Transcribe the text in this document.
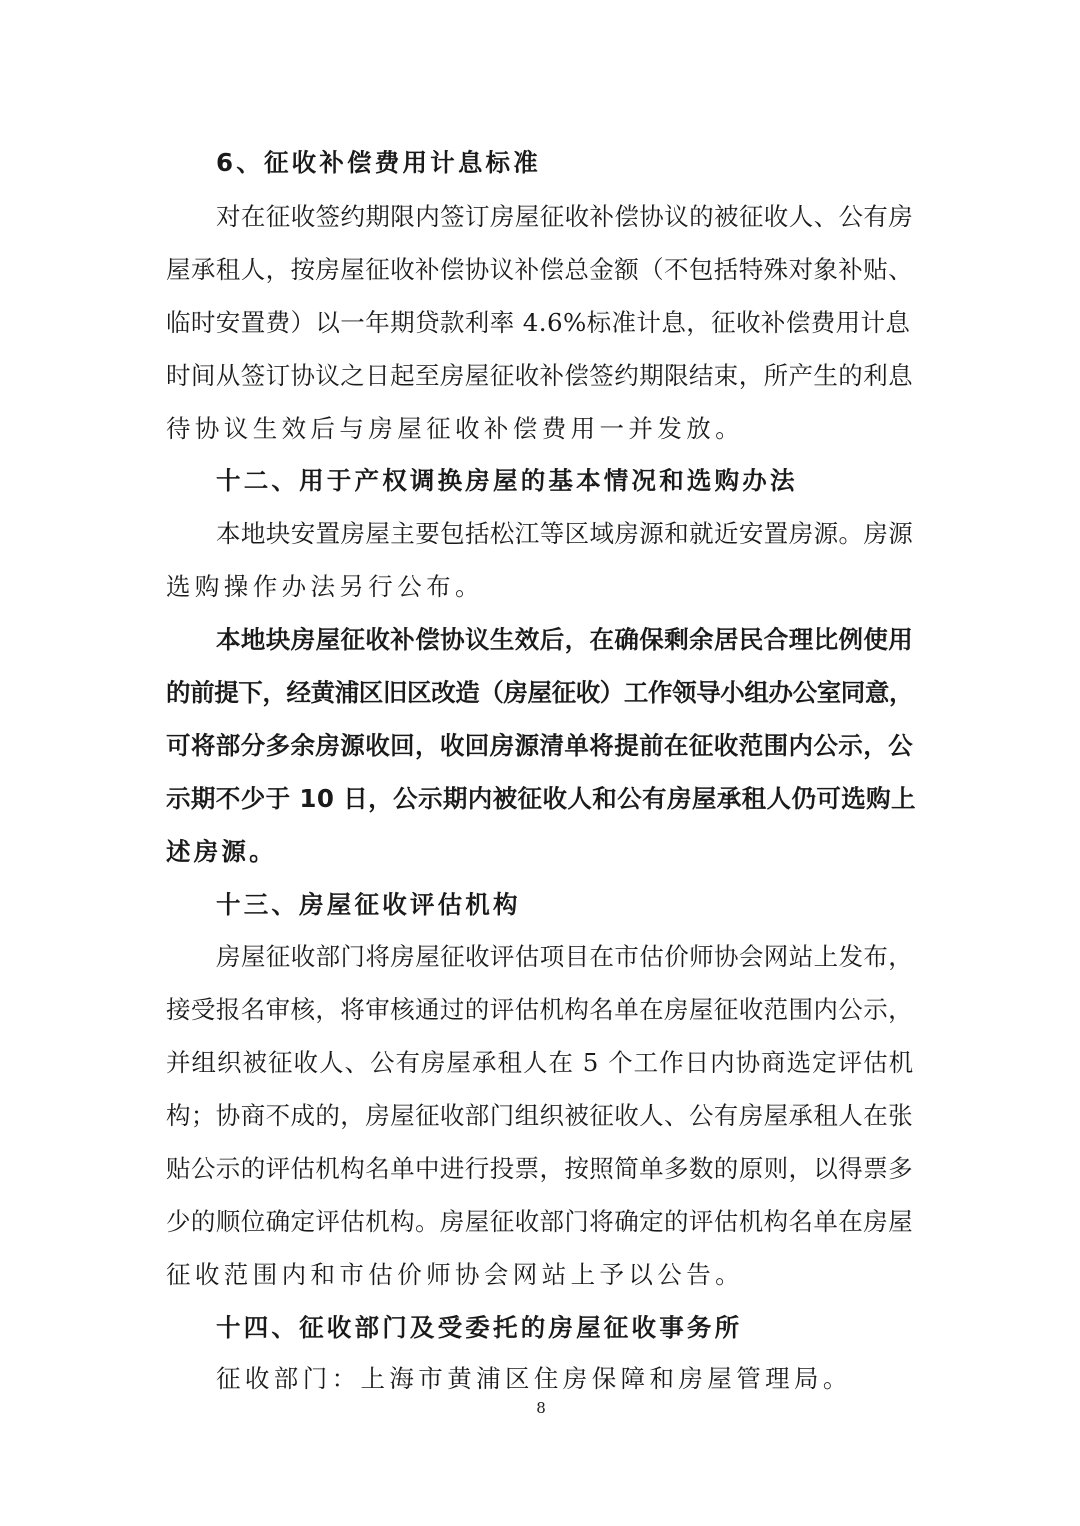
6、征收补偿费用计息标准
对在征收签约期限内签订房屋征收补偿协议的被征收人、公有房
屋承租人，按房屋征收补偿协议补偿总金额（不包括特殊对象补贴、
临时安置费）以一年期贷款利率 4.6%标准计息，征收补偿费用计息
时间从签订协议之日起至房屋征收补偿签约期限结束，所产生的利息
待协议生效后与房屋征收补偿费用一并发放。
十二、用于产权调换房屋的基本情况和选购办法
本地块安置房屋主要包括松江等区域房源和就近安置房源。房源
选购操作办法另行公布。
本地块房屋征收补偿协议生效后，在确保剩余居民合理比例使用
的前提下，经黄浦区旧区改造（房屋征收）工作领导小组办公室同意，
可将部分多余房源收回，收回房源清单将提前在征收范围内公示，公
示期不少于 10 日，公示期内被征收人和公有房屋承租人仍可选购上
述房源。
十三、房屋征收评估机构
房屋征收部门将房屋征收评估项目在市估价师协会网站上发布，
接受报名审核，将审核通过的评估机构名单在房屋征收范围内公示，
并组织被征收人、公有房屋承租人在 5 个工作日内协商选定评估机
构；协商不成的，房屋征收部门组织被征收人、公有房屋承租人在张
贴公示的评估机构名单中进行投票，按照简单多数的原则，以得票多
少的顺位确定评估机构。房屋征收部门将确定的评估机构名单在房屋
征收范围内和市估价师协会网站上予以公告。
十四、征收部门及受委托的房屋征收事务所
征收部门：上海市黄浦区住房保障和房屋管理局。
8
